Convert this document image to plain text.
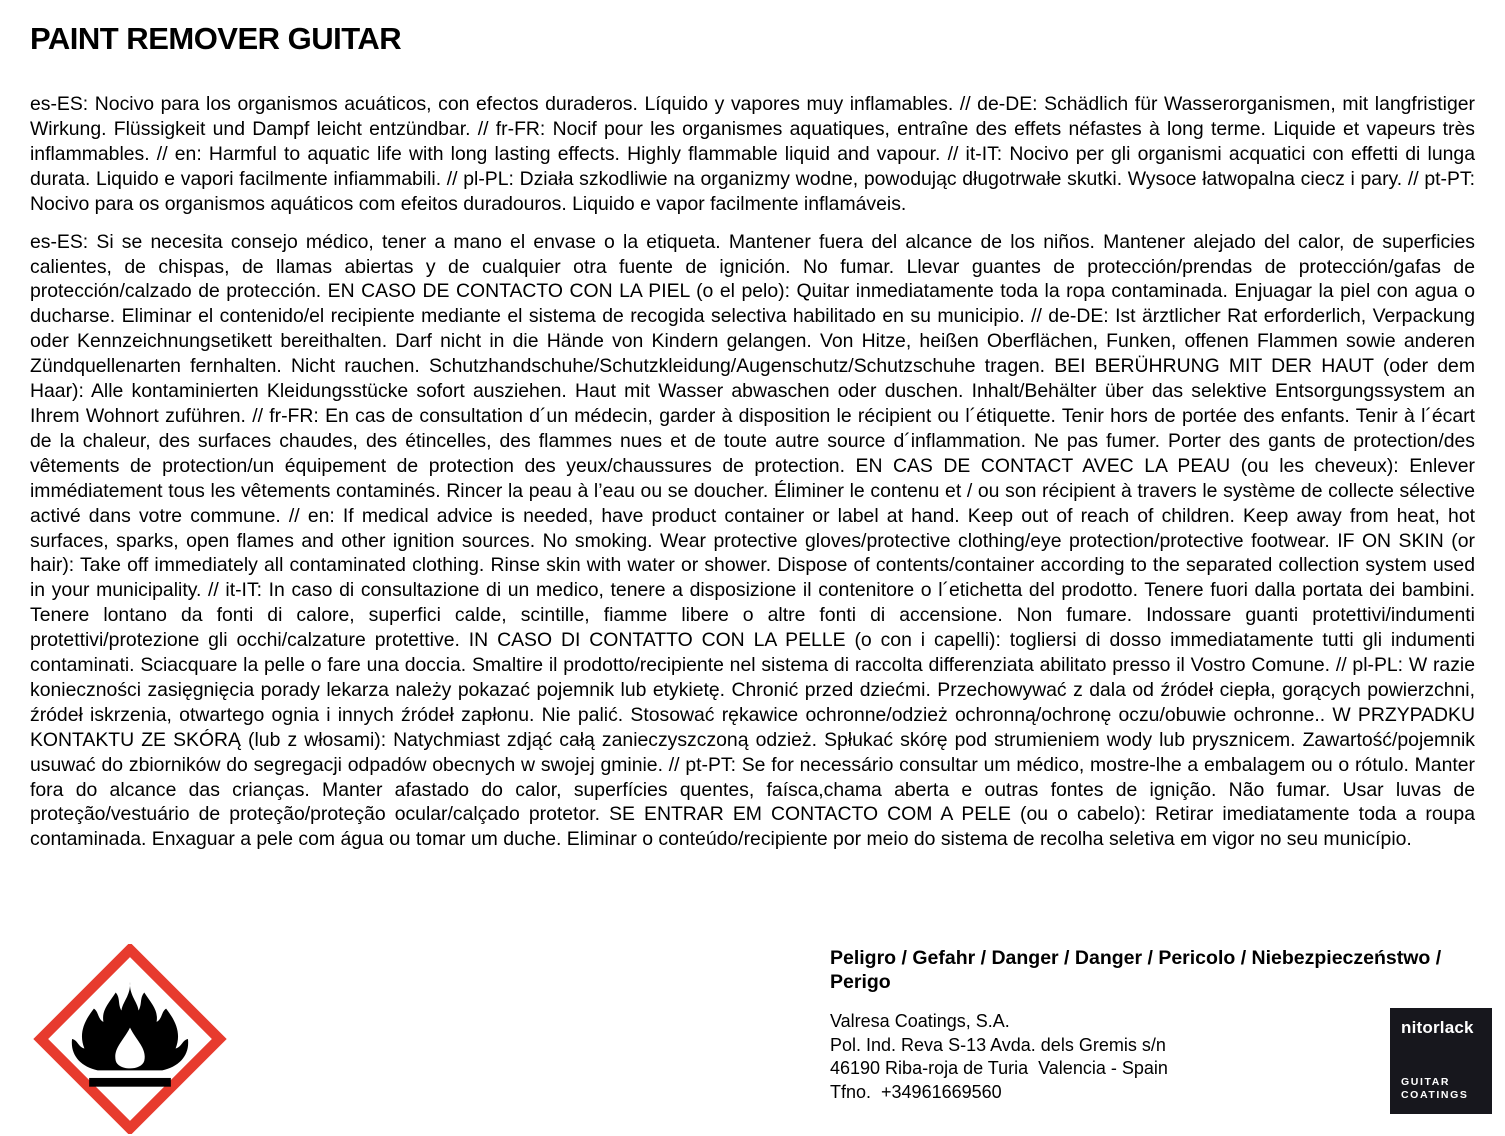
PAINT REMOVER GUITAR

es-ES: Nocivo para los organismos acuáticos, con efectos duraderos. Líquido y vapores muy inflamables. // de-DE: Schädlich für Wasserorganismen, mit langfristiger Wirkung. Flüssigkeit und Dampf leicht entzündbar. // fr-FR: Nocif pour les organismes aquatiques, entraîne des effets néfastes à long terme. Liquide et vapeurs très inflammables. // en: Harmful to aquatic life with long lasting effects. Highly flammable liquid and vapour. // it-IT: Nocivo per gli organismi acquatici con effetti di lunga durata. Liquido e vapori facilmente infiammabili. // pl-PL: Działa szkodliwie na organizmy wodne, powodując długotrwałe skutki. Wysoce łatwopalna ciecz i pary. // pt-PT: Nocivo para os organismos aquáticos com efeitos duradouros. Liquido e vapor facilmente inflamáveis.

es-ES: Si se necesita consejo médico, tener a mano el envase o la etiqueta. Mantener fuera del alcance de los niños. Mantener alejado del calor, de superficies calientes, de chispas, de llamas abiertas y de cualquier otra fuente de ignición. No fumar. Llevar guantes de protección/prendas de protección/gafas de protección/calzado de protección. EN CASO DE CONTACTO CON LA PIEL (o el pelo): Quitar inmediatamente toda la ropa contaminada. Enjuagar la piel con agua o ducharse. Eliminar el contenido/el recipiente mediante el sistema de recogida selectiva habilitado en su municipio. // de-DE: Ist ärztlicher Rat erforderlich, Verpackung oder Kennzeichnungsetikett bereithalten. Darf nicht in die Hände von Kindern gelangen. Von Hitze, heißen Oberflächen, Funken, offenen Flammen sowie anderen Zündquellenarten fernhalten. Nicht rauchen. Schutzhandschuhe/Schutzkleidung/Augenschutz/Schutzschuhe tragen. BEI BERÜHRUNG MIT DER HAUT (oder dem Haar): Alle kontaminierten Kleidungsstücke sofort ausziehen. Haut mit Wasser abwaschen oder duschen. Inhalt/Behälter über das selektive Entsorgungssystem an Ihrem Wohnort zuführen. // fr-FR: En cas de consultation d´un médecin, garder à disposition le récipient ou l´étiquette. Tenir hors de portée des enfants. Tenir à l´écart de la chaleur, des surfaces chaudes, des étincelles, des flammes nues et de toute autre source d´inflammation. Ne pas fumer. Porter des gants de protection/des vêtements de protection/un équipement de protection des yeux/chaussures de protection. EN CAS DE CONTACT AVEC LA PEAU (ou les cheveux): Enlever immédiatement tous les vêtements contaminés. Rincer la peau à l’eau ou se doucher. Éliminer le contenu et / ou son récipient à travers le système de collecte sélective activé dans votre commune. // en: If medical advice is needed, have product container or label at hand. Keep out of reach of children. Keep away from heat, hot surfaces, sparks, open flames and other ignition sources. No smoking. Wear protective gloves/protective clothing/eye protection/protective footwear. IF ON SKIN (or hair): Take off immediately all contaminated clothing. Rinse skin with water or shower. Dispose of contents/container according to the separated collection system used in your municipality. // it-IT: In caso di consultazione di un medico, tenere a disposizione il contenitore o l´etichetta del prodotto. Tenere fuori dalla portata dei bambini. Tenere lontano da fonti di calore, superfici calde, scintille, fiamme libere o altre fonti di accensione. Non fumare. Indossare guanti protettivi/indumenti protettivi/protezione gli occhi/calzature protettive. IN CASO DI CONTATTO CON LA PELLE (o con i capelli): togliersi di dosso immediatamente tutti gli indumenti contaminati. Sciacquare la pelle o fare una doccia. Smaltire il prodotto/recipiente nel sistema di raccolta differenziata abilitato presso il Vostro Comune. // pl-PL: W razie konieczności zasięgnięcia porady lekarza należy pokazać pojemnik lub etykietę. Chronić przed dziećmi. Przechowywać z dala od źródeł ciepła, gorących powierzchni, źródeł iskrzenia, otwartego ognia i innych źródeł zapłonu. Nie palić. Stosować rękawice ochronne/odzież ochronną/ochronę oczu/obuwie ochronne.. W PRZYPADKU KONTAKTU ZE SKÓRĄ (lub z włosami): Natychmiast zdjąć całą zanieczyszczoną odzież. Spłukać skórę pod strumieniem wody lub prysznicem. Zawartość/pojemnik usuwać do zbiorników do segregacji odpadów obecnych w swojej gminie. // pt-PT: Se for necessário consultar um médico, mostre-lhe a embalagem ou o rótulo. Manter fora do alcance das crianças. Manter afastado do calor, superfícies quentes, faísca,chama aberta e outras fontes de ignição. Não fumar. Usar luvas de proteção/vestuário de proteção/proteção ocular/calçado protetor. SE ENTRAR EM CONTACTO COM A PELE (ou o cabelo): Retirar imediatamente toda a roupa contaminada. Enxaguar a pele com água ou tomar um duche. Eliminar o conteúdo/recipiente por meio do sistema de recolha seletiva em vigor no seu município.

Peligro / Gefahr / Danger / Danger / Pericolo / Niebezpieczeństwo / Perigo
Valresa Coatings, S.A.
Pol. Ind. Reva S-13 Avda. dels Gremis s/n
46190 Riba-roja de Turia  Valencia - Spain
Tfno.  +34961669560
nitorlack
GUITAR
COATINGS
